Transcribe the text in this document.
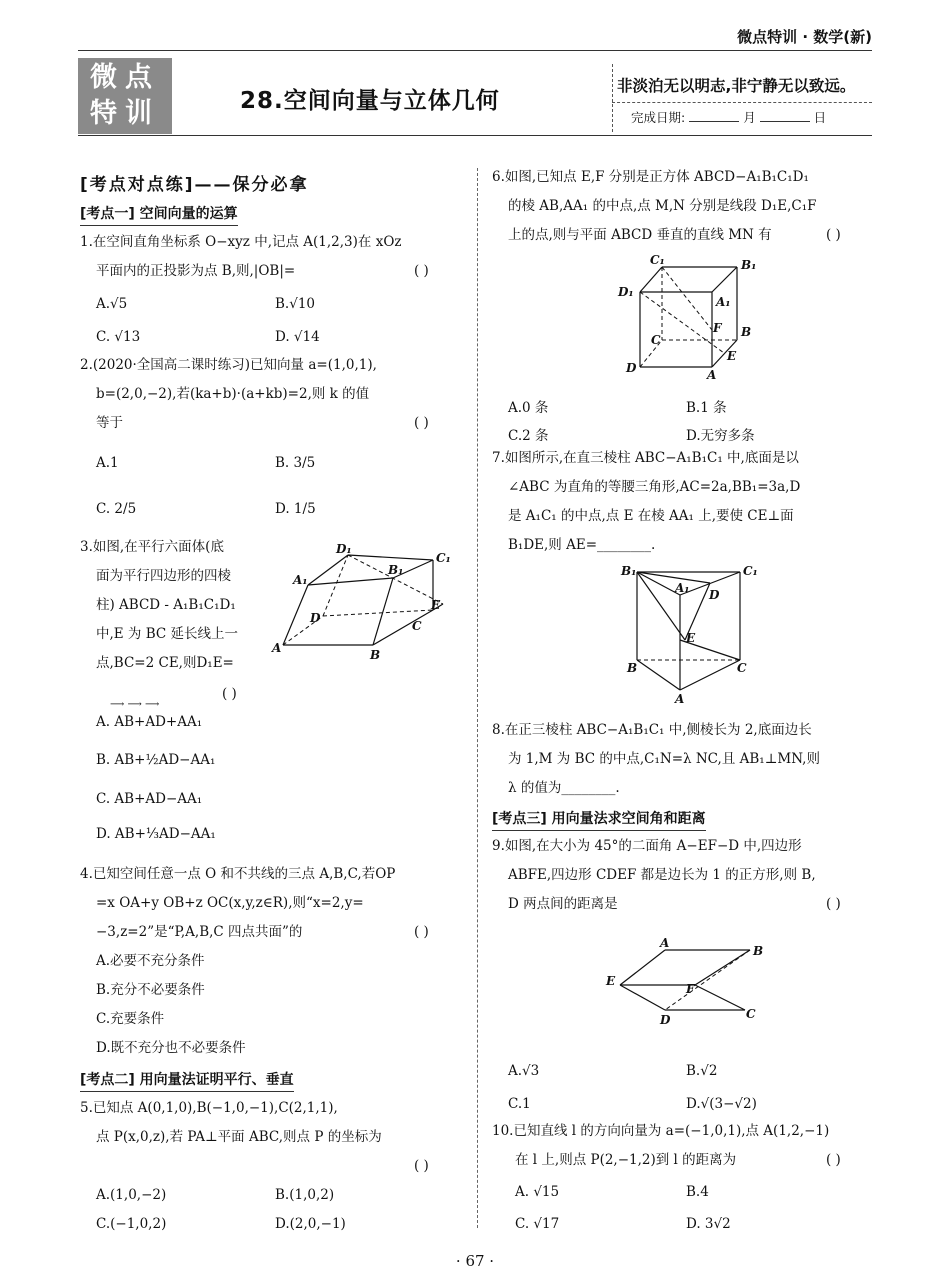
微点特训 · 数学(新)
微点
特训	28.空间向量与立体几何
非淡泊无以明志,非宁静无以致远。
完成日期:	月	日
[考点对点练]——保分必拿
[考点一] 空间向量的运算
1.在空间直角坐标系 O−xyz 中,记点 A(1,2,3)在 xOz
平面内的正投影为点 B,则,|OB|=	( )
A.√5	B.√10
C. √13	D. √14
2.(2020·全国高二课时练习)已知向量 a=(1,0,1),
b=(2,0,−2),若(ka+b)·(a+kb)=2,则 k 的值
等于	( )
A.1	B. 3/5
C. 2/5	D. 1/5
3.如图,在平行六面体(底
面为平行四边形的四棱
柱) ABCD - A₁B₁C₁D₁
中,E 为 BC 延长线上一
点,BC=2 CE,则D₁E=
( )
A	B
C
D
A₁
B₁
C₁
D₁
E
⟶ ⟶ ⟶
A. AB+AD+AA₁
B. AB+½AD−AA₁
C. AB+AD−AA₁
D. AB+⅓AD−AA₁
4.已知空间任意一点 O 和不共线的三点 A,B,C,若OP
=x OA+y OB+z OC(x,y,z∈R),则“x=2,y=
−3,z=2”是“P,A,B,C 四点共面”的	( )
A.必要不充分条件
B.充分不必要条件
C.充要条件
D.既不充分也不必要条件
[考点二] 用向量法证明平行、垂直
5.已知点 A(0,1,0),B(−1,0,−1),C(2,1,1),
点 P(x,0,z),若 PA⊥平面 ABC,则点 P 的坐标为
( )
A.(1,0,−2)	B.(1,0,2)
C.(−1,0,2)	D.(2,0,−1)
6.如图,已知点 E,F 分别是正方体 ABCD−A₁B₁C₁D₁
的棱 AB,AA₁ 的中点,点 M,N 分别是线段 D₁E,C₁F
上的点,则与平面 ABCD 垂直的直线 MN 有	( )
D₁
C₁	B₁
A₁
F B
C
D
E
A
A.0 条	B.1 条
C.2 条	D.无穷多条
7.如图所示,在直三棱柱 ABC−A₁B₁C₁ 中,底面是以
∠ABC 为直角的等腰三角形,AC=2a,BB₁=3a,D
是 A₁C₁ 的中点,点 E 在棱 AA₁ 上,要使 CE⊥面
B₁DE,则 AE=________.
B₁	C₁
A₁ D
E
B	C
A
8.在正三棱柱 ABC−A₁B₁C₁ 中,侧棱长为 2,底面边长
为 1,M 为 BC 的中点,C₁N=λ NC,且 AB₁⊥MN,则
λ 的值为________.
[考点三] 用向量法求空间角和距离
9.如图,在大小为 45°的二面角 A−EF−D 中,四边形
ABFE,四边形 CDEF 都是边长为 1 的正方形,则 B,
D 两点间的距离是	( )
A
B
E
F
D	C
A.√3	B.√2
C.1	D.√(3−√2)
10.已知直线 l 的方向向量为 a=(−1,0,1),点 A(1,2,−1)
在 l 上,则点 P(2,−1,2)到 l 的距离为	( )
A. √15	B.4
C. √17	D. 3√2
· 67 ·
